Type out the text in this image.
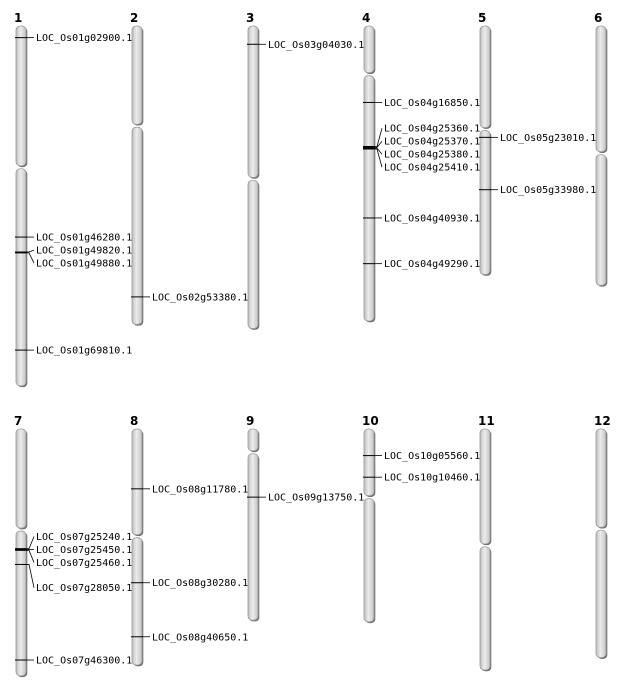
1
LOC_Os01g02900.1
LOC_Os01g46280.1
LOC_Os01g49820.1
LOC_Os01g49880.1
LOC_Os01g69810.1
2
LOC_Os02g53380.1
3
LOC_Os03g04030.1
4
LOC_Os04g16850.1
LOC_Os04g25360.1
LOC_Os04g25370.1
LOC_Os04g25380.1
LOC_Os04g25410.1
LOC_Os04g40930.1
LOC_Os04g49290.1
5
LOC_Os05g23010.1
LOC_Os05g33980.1
6
7
LOC_Os07g25240.1
LOC_Os07g25450.1
LOC_Os07g25460.1
LOC_Os07g28050.1
LOC_Os07g46300.1
8
LOC_Os08g11780.1
LOC_Os08g30280.1
LOC_Os08g40650.1
9
LOC_Os09g13750.1
10
LOC_Os10g05560.1
LOC_Os10g10460.1
11	12
